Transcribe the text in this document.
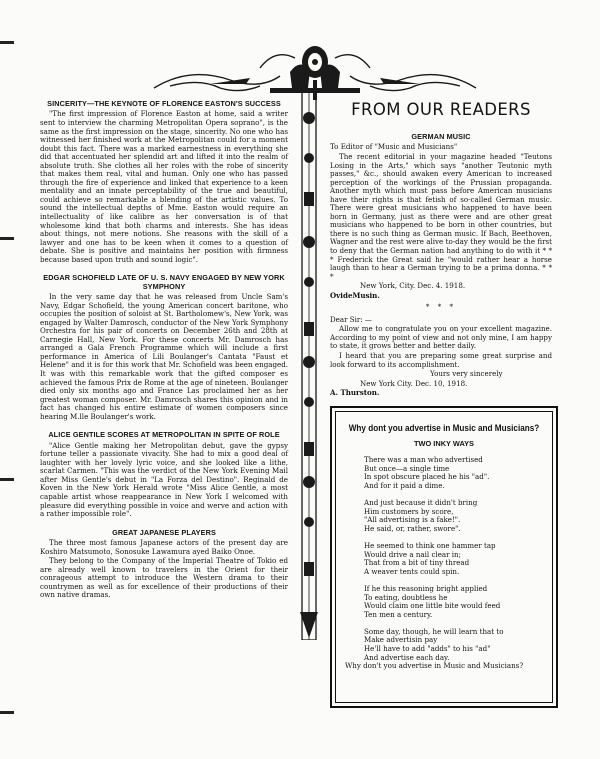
SINCERITY—THE KEYNOTE OF FLORENCE EASTON'S SUCCESS

"The first impression of Florence Easton at home, said a writer sent to interview the charming Metropolitan Opera soprano", is the same as the first impression on the stage, sincerity. No one who has witnessed her finished work at the Metropolitan could for a moment doubt this fact. There was a marked earnestness in everything she did that accentuated her splendid art and lifted it into the realm of absolute truth. She clothes all her roles with the robe of sincerity that makes them real, vital and human. Only one who has passed through the fire of experience and linked that experience to a keen mentality and an innate perceptability of the true and beautiful, could achieve so remarkable a blending of the artistic values. To sound the intellectual depths of Mme. Easton would require an intellectuality of like calibre as her conversation is of that wholesome kind that both charms and interests. She has ideas about things, not mere notions. She reasons with the skill of a lawyer and one has to be keen when it comes to a question of debate. She is positive and maintains her position with firmness because based upon truth and sound logic".

EDGAR SCHOFIELD LATE OF U. S. NAVY ENGAGED BY NEW YORK SYMPHONY

In the very same day that he was released from Uncle Sam's Navy, Edgar Schofield, the young American concert baritone, who occupies the position of soloist at St. Bartholomew's, New York, was engaged by Walter Damrosch, conductor of the New York Symphony Orchestra for his pair of concerts on December 26th and 28th at Carnegie Hall, New York. For these concerts Mr. Damrosch has arranged a Gala French Programme which will include a first performance in America of Lili Boulanger's Cantata "Faust et Helene" and it is for this work that Mr. Schofield was been engaged. It was with this remarkable work that the gifted composer es achieved the famous Prix de Rome at the age of nineteen. Boulanger died only six months ago and France Las proclaimed her as her greatest woman composer. Mr. Damrosch shares this opinion and in fact has changed his entire estimate of women composers since hearing M.lle Boulanger's work.

ALICE GENTILE SCORES AT METROPOLITAN IN SPITE OF ROLE

"Alice Gentle making her Metropolitan debut, gave the gypsy fortune teller a passionate vivacity. She had to mix a good deal of laughter with her lovely lyric voice, and she looked like a lithe, scarlat Carmen. "This was the verdict of the New York Evening Mail after Miss Gentle's debut in "La Forza del Destino". Reginald de Koven in the New York Herald wrote "Miss Alice Gentle, a most capable artist whose reappearance in New York I welcomed with pleasure did everything possible in voice and werve and action with a rather impossible role".

GREAT JAPANESE PLAYERS

The three most famous Japanese actors of the present day are Koshiro Matsumoto, Sonosuke Lawamura ayed Baiko Onoe.

They belong to the Company of the Imperial Theatre of Tokio ed are already well known to travelers in the Orient for their conrageous attempt to introduce the Western drama to their countrymen as well as for excellence of their productions of their own native dramas.

FROM OUR READERS
GERMAN MUSIC

To Editor of "Music and Musicians"

The recent editorial in your magazine headed "Teutons Losing in the Arts," which says "another Teutonic myth passes," &c., should awaken every American to increased perception of the workings of the Prussian propaganda. Another myth which must pass before American musicians have their rights is that fetish of so-called German music. There were great musicians who happened to have been born in Germany, just as there were and are other great musicians who happened to be born in other countries, but there is no such thing as German music. If Bach, Beethoven, Wagner and the rest were alive to-day they would be the first to deny that the German nation had anything to do with it * * * Frederick the Great said he "would rather hear a horse laugh than to hear a German trying to be a prima donna. * * *

New York, City. Dec. 4. 1918.

OvideMusin.

* * *

Dear Sir: —

Allow me to congratulate you on your excellent magazine. According to my point of view and not only mine, I am happy to state, it grows better and better daily.

I heard that you are preparing some great surprise and look forward to its accomplishment.

Yours very sincerely

New York City. Dec. 10, 1918.

A. Thurston.

Why dont you advertise in Music and Musicians?
TWO INKY WAYS
There was a man who advertised
But once—a single time
In spot obscure placed he his "ad".
And for it paid a dime.
And just because it didn't bring
Him customers by score,
"All advertising is a fake!".
He said, or, rather, swore".
He seemed to think one hammer tap
Would drive a nail clear in;
That from a bit of tiny thread
A weaver tents could spin.
If he this reasoning bright applied
To eating, doubtless he
Would claim one little bite would feed
Ten men a century.
Some day, though, he will learn that to
Make advertisin pay
He'll have to add "adds" to his "ad"
And advertise each day.
Why don't you advertise in Music and Musicians?
